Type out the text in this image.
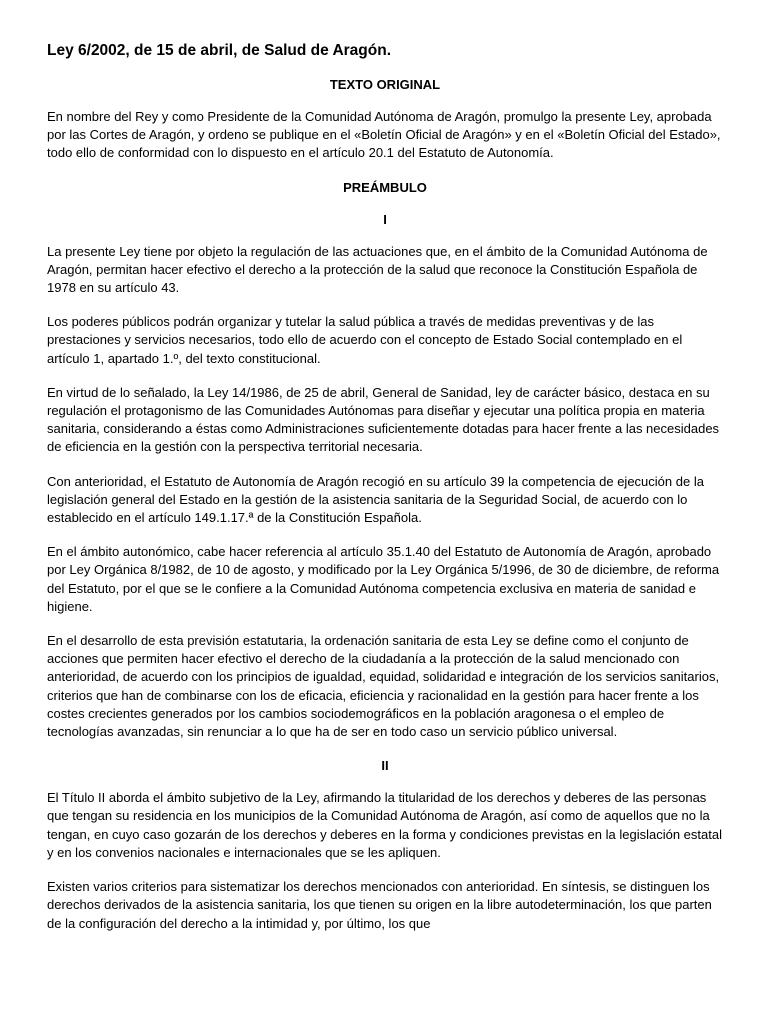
Ley 6/2002, de 15 de abril, de Salud de Aragón.
TEXTO ORIGINAL

En nombre del Rey y como Presidente de la Comunidad Autónoma de Aragón, promulgo la presente Ley, aprobada por las Cortes de Aragón, y ordeno se publique en el «Boletín Oficial de Aragón» y en el «Boletín Oficial del Estado», todo ello de conformidad con lo dispuesto en el artículo 20.1 del Estatuto de Autonomía.

PREÁMBULO
I

La presente Ley tiene por objeto la regulación de las actuaciones que, en el ámbito de la Comunidad Autónoma de Aragón, permitan hacer efectivo el derecho a la protección de la salud que reconoce la Constitución Española de 1978 en su artículo 43.

Los poderes públicos podrán organizar y tutelar la salud pública a través de medidas preventivas y de las prestaciones y servicios necesarios, todo ello de acuerdo con el concepto de Estado Social contemplado en el artículo 1, apartado 1.º, del texto constitucional.

En virtud de lo señalado, la Ley 14/1986, de 25 de abril, General de Sanidad, ley de carácter básico, destaca en su regulación el protagonismo de las Comunidades Autónomas para diseñar y ejecutar una política propia en materia sanitaria, considerando a éstas como Administraciones suficientemente dotadas para hacer frente a las necesidades de eficiencia en la gestión con la perspectiva territorial necesaria.

Con anterioridad, el Estatuto de Autonomía de Aragón recogió en su artículo 39 la competencia de ejecución de la legislación general del Estado en la gestión de la asistencia sanitaria de la Seguridad Social, de acuerdo con lo establecido en el artículo 149.1.17.ª de la Constitución Española.

En el ámbito autonómico, cabe hacer referencia al artículo 35.1.40 del Estatuto de Autonomía de Aragón, aprobado por Ley Orgánica 8/1982, de 10 de agosto, y modificado por la Ley Orgánica 5/1996, de 30 de diciembre, de reforma del Estatuto, por el que se le confiere a la Comunidad Autónoma competencia exclusiva en materia de sanidad e higiene.

En el desarrollo de esta previsión estatutaria, la ordenación sanitaria de esta Ley se define como el conjunto de acciones que permiten hacer efectivo el derecho de la ciudadanía a la protección de la salud mencionado con anterioridad, de acuerdo con los principios de igualdad, equidad, solidaridad e integración de los servicios sanitarios, criterios que han de combinarse con los de eficacia, eficiencia y racionalidad en la gestión para hacer frente a los costes crecientes generados por los cambios sociodemográficos en la población aragonesa o el empleo de tecnologías avanzadas, sin renunciar a lo que ha de ser en todo caso un servicio público universal.

II

El Título II aborda el ámbito subjetivo de la Ley, afirmando la titularidad de los derechos y deberes de las personas que tengan su residencia en los municipios de la Comunidad Autónoma de Aragón, así como de aquellos que no la tengan, en cuyo caso gozarán de los derechos y deberes en la forma y condiciones previstas en la legislación estatal y en los convenios nacionales e internacionales que se les apliquen.

Existen varios criterios para sistematizar los derechos mencionados con anterioridad. En síntesis, se distinguen los derechos derivados de la asistencia sanitaria, los que tienen su origen en la libre autodeterminación, los que parten de la configuración del derecho a la intimidad y, por último, los que
